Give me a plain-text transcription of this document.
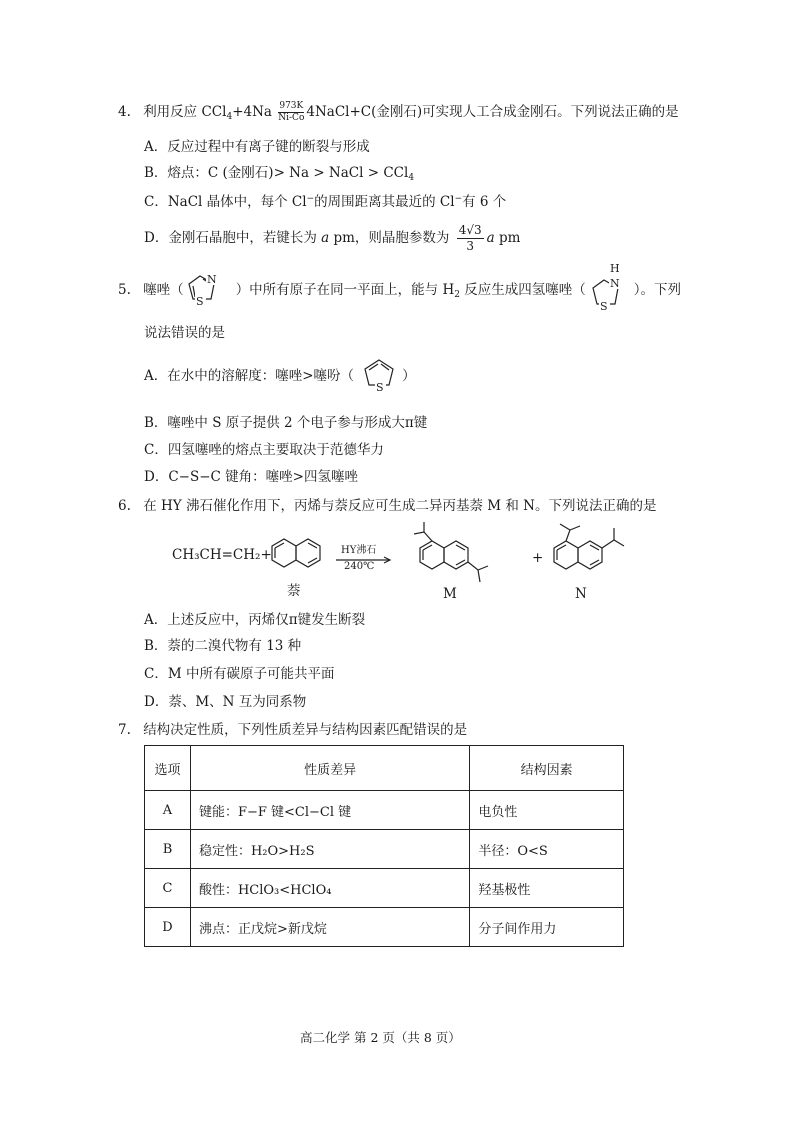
4. 利用反应 $CCl_4+4Na \frac{973K}{Ni-Co}$ 4NaCl+C(金刚石)可实现人工合成金刚石。下列说法正确的是
A．反应过程中有离子键的断裂与形成
B．熔点：C (金刚石)> Na > NaCl > CCl$_4$
C．NaCl 晶体中，每个 Cl−的周围距离其最近的 Cl−有 6 个
D．金刚石晶胞中，若键长为 a pm，则晶胞参数为 $\frac{4√3}{3}$ a pm
5. 噻唑（	）中所有原子在同一平面上，能与 $H_2$ 反应生成四氢噻唑（	）。下列
N
S
H
N
S
说法错误的是
A．在水中的溶解度：噻唑>噻吩（	）
S
B．噻唑中 S 原子提供 2 个电子参与形成大π键
C．四氢噻唑的熔点主要取决于范德华力
D．C−S−C 键角：噻唑>四氢噻唑
6. 在 HY 沸石催化作用下，丙烯与萘反应可生成二异丙基萘 M 和 N。下列说法正确的是
CH₃CH=CH₂+
萘
HY沸石
240℃
M
+
N
A．上述反应中，丙烯仅π键发生断裂
B．萘的二溴代物有 13 种
C．M 中所有碳原子可能共平面
D．萘、M、N 互为同系物
7. 结构决定性质，下列性质差异与结构因素匹配错误的是
选项	性质差异	结构因素
A	键能：F−F 键<Cl−Cl 键	电负性
B	稳定性：H₂O>H₂S	半径：O<S
C	酸性：HClO₃<HClO₄	羟基极性
D	沸点：正戊烷>新戊烷	分子间作用力
高二化学 第 2 页（共 8 页）
